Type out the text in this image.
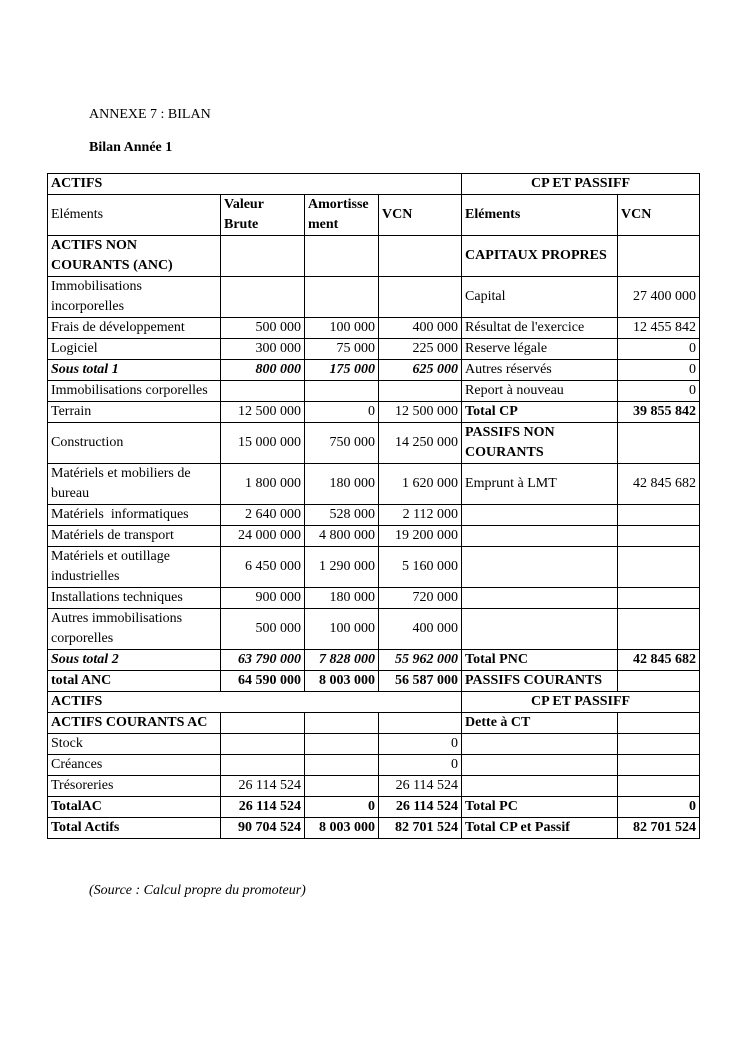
ANNEXE 7 : BILAN
Bilan Année 1
ACTIFS				CP ET PASSIFF	
Eléments	Valeur Brute	Amortisse ment	VCN	Eléments	VCN
ACTIFS NON COURANTS (ANC)				CAPITAUX PROPRES	
Immobilisations incorporelles				Capital	27 400 000
Frais de développement	500 000	100 000	400 000	Résultat de l'exercice	12 455 842
Logiciel	300 000	75 000	225 000	Reserve légale	0
Sous total 1	800 000	175 000	625 000	Autres réservés	0
Immobilisations corporelles				Report à nouveau	0
Terrain	12 500 000	0	12 500 000	Total CP	39 855 842
Construction	15 000 000	750 000	14 250 000	PASSIFS NON COURANTS	
Matériels et mobiliers de bureau	1 800 000	180 000	1 620 000	Emprunt à LMT	42 845 682
Matériels  informatiques	2 640 000	528 000	2 112 000		
Matériels de transport	24 000 000	4 800 000	19 200 000		
Matériels et outillage industrielles	6 450 000	1 290 000	5 160 000		
Installations techniques	900 000	180 000	720 000		
Autres immobilisations corporelles	500 000	100 000	400 000		
Sous total 2	63 790 000	7 828 000	55 962 000	Total PNC	42 845 682
total ANC	64 590 000	8 003 000	56 587 000	PASSIFS COURANTS	
ACTIFS				CP ET PASSIFF	
ACTIFS COURANTS AC				Dette à CT	
Stock			0		
Créances			0		
Trésoreries	26 114 524		26 114 524		
TotalAC	26 114 524	0	26 114 524	Total PC	0
Total Actifs	90 704 524	8 003 000	82 701 524	Total CP et Passif	82 701 524
(Source : Calcul propre du promoteur)
